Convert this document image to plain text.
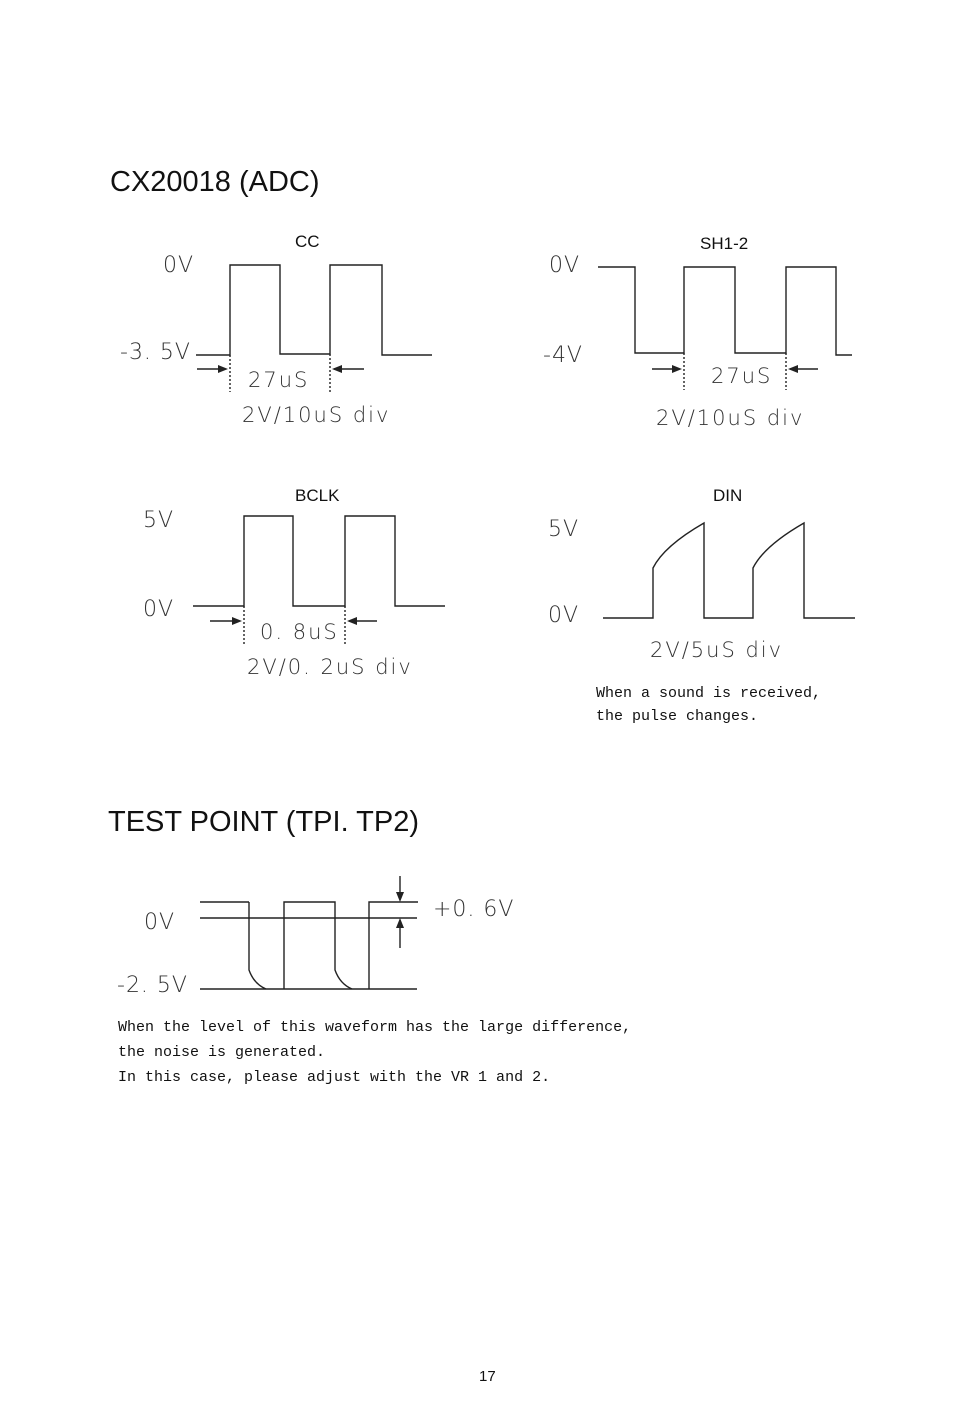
CX20018 (ADC)
TEST POINT (TPI. TP2)
CC
0V
-3. 5V
27uS
2V/10uS div
SH1-2
0V
-4V
27uS
2V/10uS div
BCLK
5V
0V
0. 8uS
2V/0. 2uS div
DIN
5V
0V
2V/5uS div
When a sound is received,
the pulse changes.
0V
-2. 5V
+0. 6V
When the level of this waveform has the large difference,
the noise is generated.
In this case, please adjust with the VR 1 and 2.
17
